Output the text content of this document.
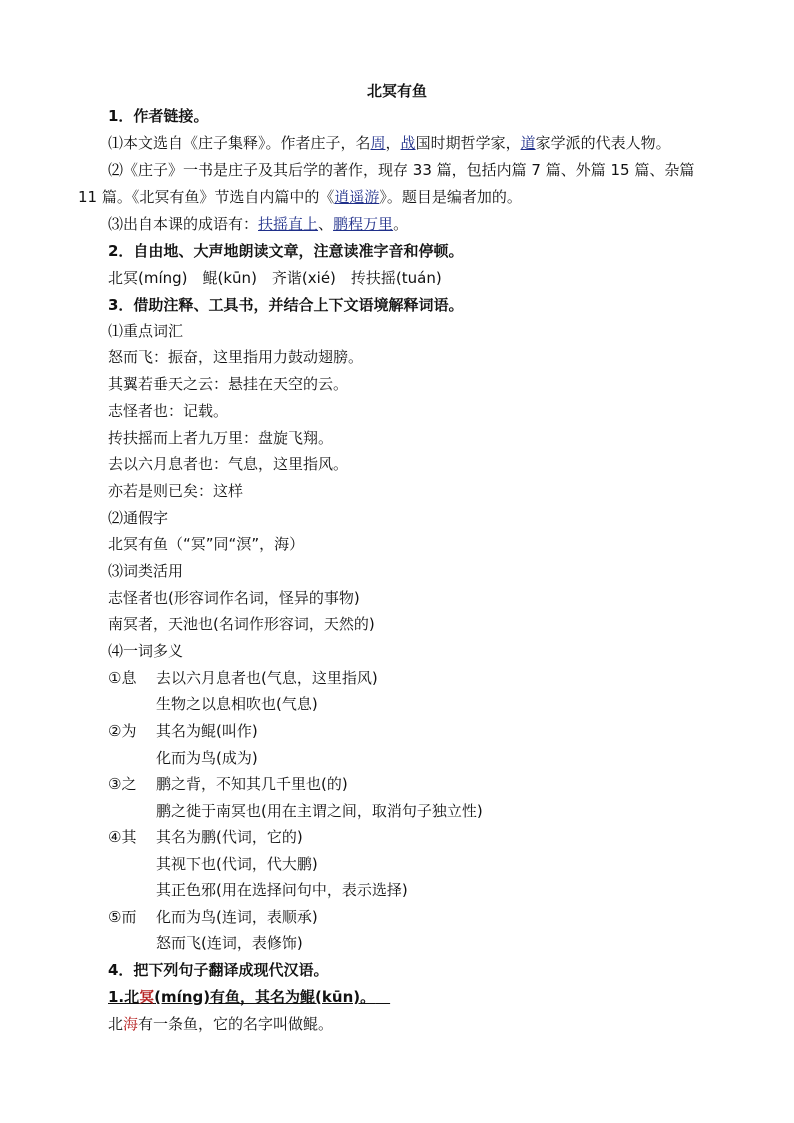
北冥有鱼
1．作者链接。
⑴本文选自《庄子集释》。作者庄子，名周，战国时期哲学家，道家学派的代表人物。
⑵《庄子》一书是庄子及其后学的著作，现存 33 篇，包括内篇 7 篇、外篇 15 篇、杂篇
11 篇。《北冥有鱼》节选自内篇中的《逍遥游》。题目是编者加的。
⑶出自本课的成语有：扶摇直上、鹏程万里。
2．自由地、大声地朗读文章，注意读准字音和停顿。
北冥(míng)　鲲(kūn)　齐谐(xié)　抟扶摇(tuán)
3．借助注释、工具书，并结合上下文语境解释词语。
⑴重点词汇
怒而飞：振奋，这里指用力鼓动翅膀。
其翼若垂天之云：悬挂在天空的云。
志怪者也：记载。
抟扶摇而上者九万里：盘旋飞翔。
去以六月息者也：气息，这里指风。
亦若是则已矣：这样
⑵通假字
北冥有鱼（“冥”同“溟”，海）
⑶词类活用
志怪者也(形容词作名词，怪异的事物)
南冥者，天池也(名词作形容词，天然的)
⑷一词多义
①息 去以六月息者也(气息，这里指风)
生物之以息相吹也(气息)
②为 其名为鲲(叫作)
化而为鸟(成为)
③之 鹏之背，不知其几千里也(的)
鹏之徙于南冥也(用在主谓之间，取消句子独立性)
④其 其名为鹏(代词，它的)
其视下也(代词，代大鹏)
其正色邪(用在选择问句中，表示选择)
⑤而 化而为鸟(连词，表顺承)
怒而飞(连词，表修饰)
4．把下列句子翻译成现代汉语。
1.北冥(míng)有鱼，其名为鲲(kūn)。  
北海有一条鱼，它的名字叫做鲲。
